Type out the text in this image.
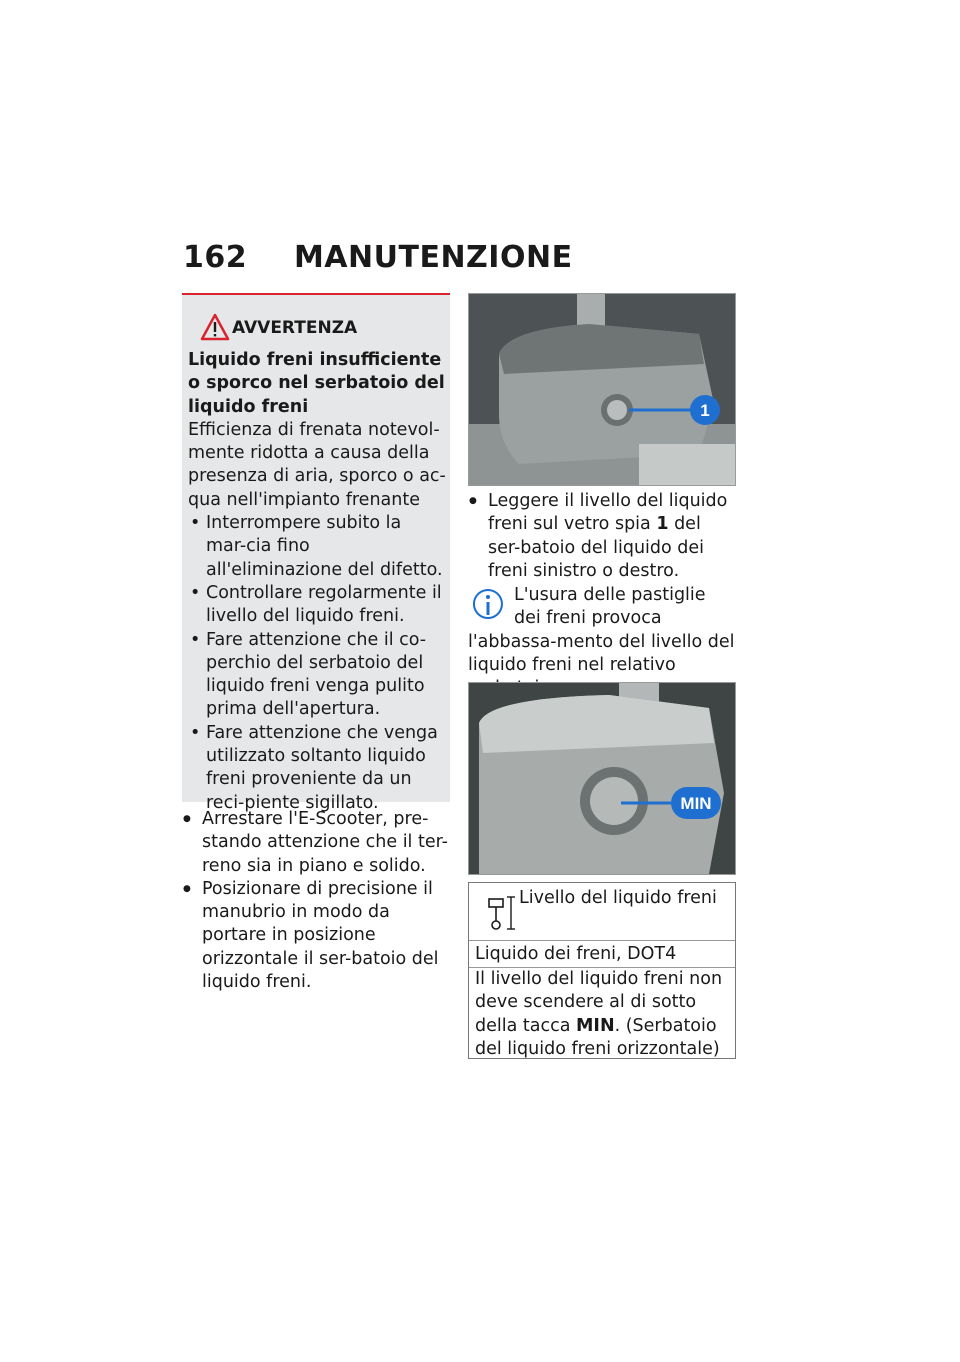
162 MANUTENZIONE
AVVERTENZA
Liquido freni insufficiente o sporco nel serbatoio del liquido freni
Efficienza di frenata notevol-mente ridotta a causa della presenza di aria, sporco o ac-qua nell'impianto frenante
• Interrompere subito la mar-cia fino all'eliminazione del difetto.
• Controllare regolarmente il livello del liquido freni.
• Fare attenzione che il co-perchio del serbatoio del liquido freni venga pulito prima dell'apertura.
• Fare attenzione che venga utilizzato soltanto liquido freni proveniente da un reci-piente sigillato.
● Arrestare l'E-Scooter, pre-stando attenzione che il ter-reno sia in piano e solido.
● Posizionare di precisione il manubrio in modo da portare in posizione orizzontale il ser-batoio del liquido freni.
1
● Leggere il livello del liquido freni sul vetro spia 1 del ser-batoio del liquido dei freni sinistro o destro.
L'usura delle pastiglie dei freni provoca l'abbassa-mento del livello del liquido freni nel relativo
MIN
Livello del liquido freni
Liquido dei freni, DOT4
Il livello del liquido freni non deve scendere al di sotto della tacca MIN. (Serbatoio del liquido freni orizzontale)
